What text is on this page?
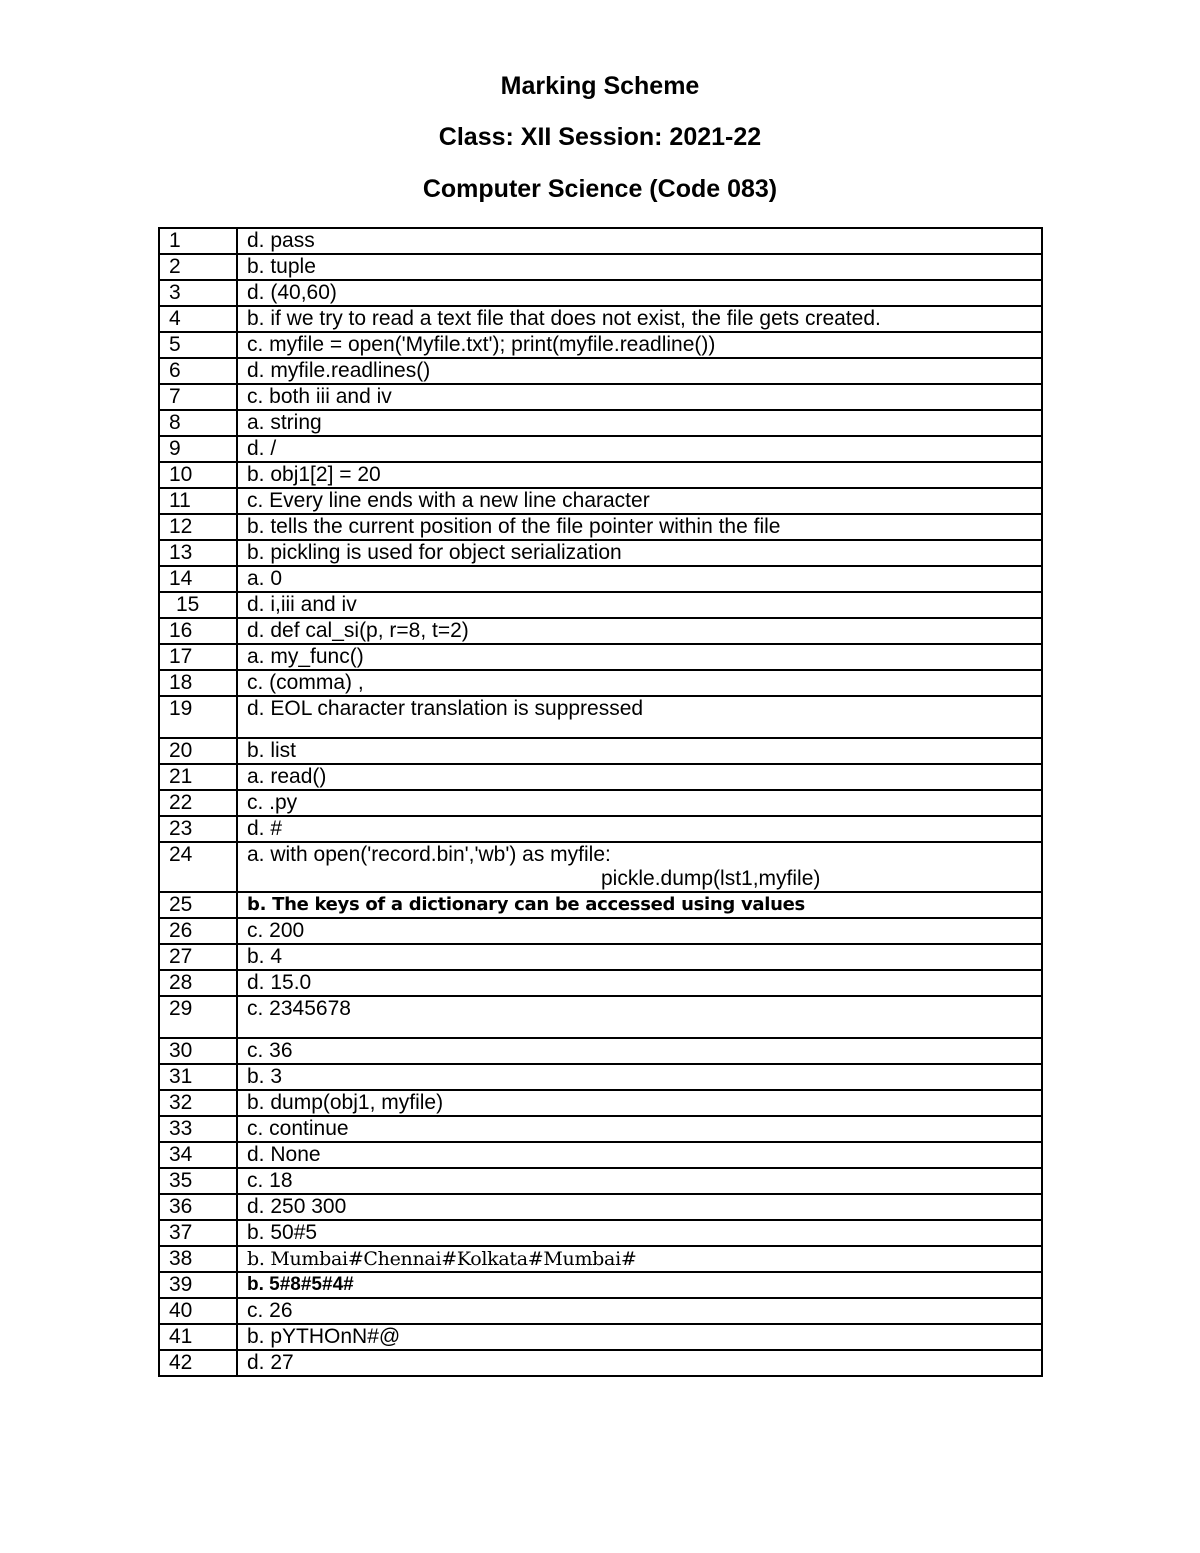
Marking Scheme
Class: XII Session: 2021-22
Computer Science (Code 083)
1	d. pass
2	b. tuple
3	d. (40,60)
4	b. if we try to read a text file that does not exist, the file gets created.
5	c. myfile = open('Myfile.txt'); print(myfile.readline())
6	d. myfile.readlines()
7	c. both iii and iv
8	a. string
9	d. /
10	b. obj1[2] = 20
11	c. Every line ends with a new line character
12	b. tells the current position of the file pointer within the file
13	b. pickling is used for object serialization
14	a. 0
15	d. i,iii and iv
16	d. def cal_si(p, r=8, t=2)
17	a. my_func()
18	c. (comma) ,
19	d. EOL character translation is suppressed
20	b. list
21	a. read()
22	c. .py
23	d. #
24	a. with open('record.bin','wb') as myfile:
pickle.dump(lst1,myfile)

25	b. The keys of a dictionary can be accessed using values
26	c. 200
27	b. 4
28	d. 15.0
29	c. 2345678
30	c. 36
31	b. 3
32	b. dump(obj1, myfile)
33	c. continue
34	d. None
35	c. 18
36	d. 250 300
37	b. 50#5
38	b. Mumbai#Chennai#Kolkata#Mumbai#
39	b. 5#8#5#4#
40	c. 26
41	b. pYTHOnN#@
42	d. 27
